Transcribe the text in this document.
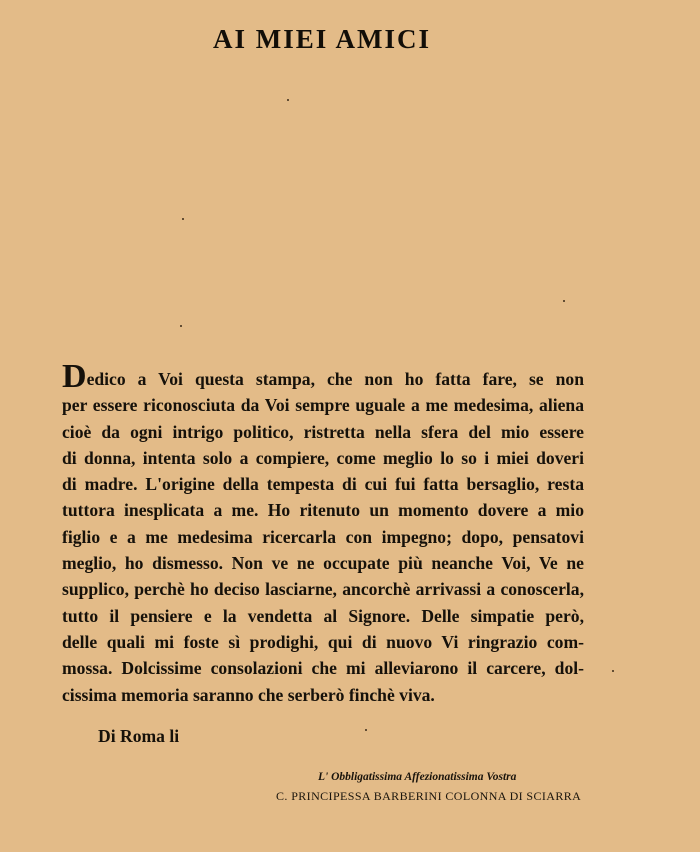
AI MIEI AMICI
Dedico a Voi questa stampa, che non ho fatta fare, se non
per essere riconosciuta da Voi sempre uguale a me medesima, aliena
cioè da ogni intrigo politico, ristretta nella sfera del mio essere
di donna, intenta solo a compiere, come meglio lo so i miei doveri
di madre. L'origine della tempesta di cui fui fatta bersaglio, resta
tuttora inesplicata a me. Ho ritenuto un momento dovere a mio
figlio e a me medesima ricercarla con impegno; dopo, pensatovi
meglio, ho dismesso. Non ve ne occupate più neanche Voi, Ve ne
supplico, perchè ho deciso lasciarne, ancorchè arrivassi a conoscerla,
tutto il pensiere e la vendetta al Signore. Delle simpatie però,
delle quali mi foste sì prodighi, qui di nuovo Vi ringrazio com-
mossa. Dolcissime consolazioni che mi alleviarono il carcere, dol-
cissima memoria saranno che serberò finchè viva.
Di Roma li
L' Obbligatissima Affezionatissima Vostra
C. PRINCIPESSA BARBERINI COLONNA DI SCIARRA
